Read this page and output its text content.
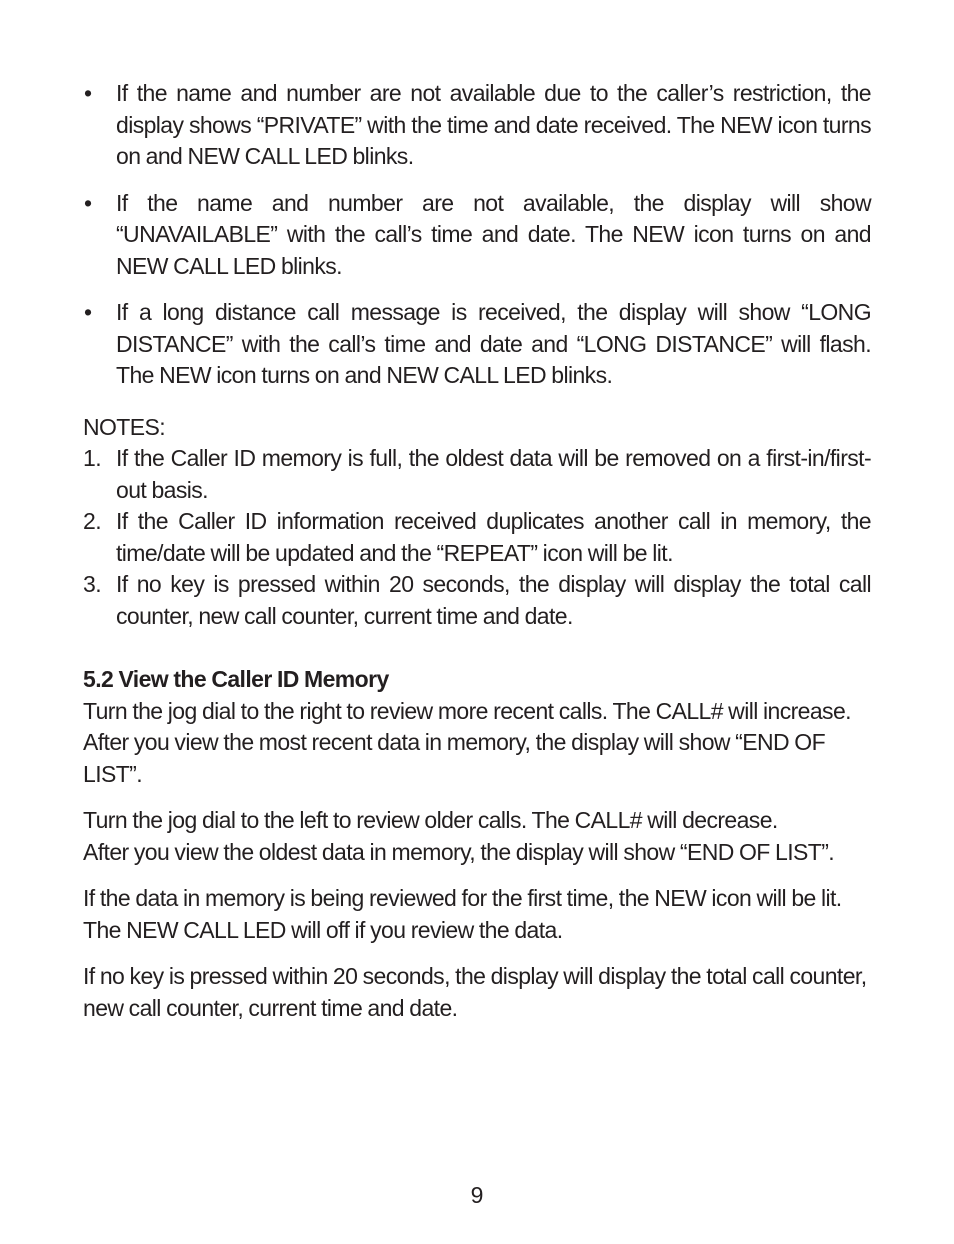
• If the name and number are not available due to the caller’s restriction, the display shows “PRIVATE” with the time and date received. The NEW icon turns on and NEW CALL LED blinks.
• If the name and number are not available, the display will show “UNAVAILABLE” with the call’s time and date. The NEW icon turns on and NEW CALL LED blinks.
• If a long distance call message is received, the display will show “LONG DISTANCE” with the call’s time and date and “LONG DISTANCE” will flash. The NEW icon turns on and NEW CALL LED blinks.
NOTES:
1. If the Caller ID memory is full, the oldest data will be removed on a first-in/first-out basis.
2. If the Caller ID information received duplicates another call in memory, the time/date will be updated and the “REPEAT” icon will be lit.
3. If no key is pressed within 20 seconds, the display will display the total call counter, new call counter, current time and date.
5.2 View the Caller ID Memory
Turn the jog dial to the right to review more recent calls. The CALL# will increase.
After you view the most recent data in memory, the display will show “END OF LIST”.
Turn the jog dial to the left to review older calls. The CALL# will decrease.
After you view the oldest data in memory, the display will show “END OF LIST”.
If the data in memory is being reviewed for the first time, the NEW icon will be lit.
The NEW CALL LED will off if you review the data.
If no key is pressed within 20 seconds, the display will display the total call counter,
new call counter, current time and date.
9
